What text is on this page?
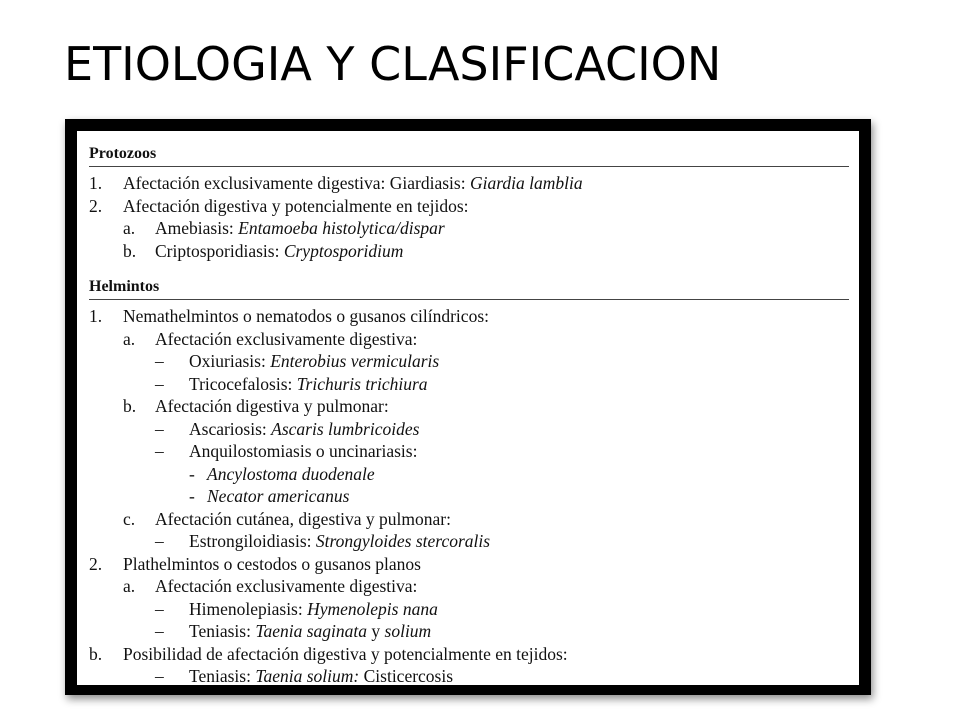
ETIOLOGIA Y CLASIFICACION
Protozoos
1. Afectación exclusivamente digestiva: Giardiasis: Giardia lamblia
2. Afectación digestiva y potencialmente en tejidos:
a. Amebiasis: Entamoeba histolytica/dispar
b. Criptosporidiasis: Cryptosporidium
Helmintos
1. Nemathelmintos o nematodos o gusanos cilíndricos:
a. Afectación exclusivamente digestiva:
– Oxiuriasis: Enterobius vermicularis
– Tricocefalosis: Trichuris trichiura
b. Afectación digestiva y pulmonar:
– Ascariosis: Ascaris lumbricoides
– Anquilostomiasis o uncinariasis:
- Ancylostoma duodenale
- Necator americanus
c. Afectación cutánea, digestiva y pulmonar:
– Estrongiloidiasis: Strongyloides stercoralis
2. Plathelmintos o cestodos o gusanos planos
a. Afectación exclusivamente digestiva:
– Himenolepiasis: Hymenolepis nana
– Teniasis: Taenia saginata y solium
b. Posibilidad de afectación digestiva y potencialmente en tejidos:
– Teniasis: Taenia solium: Cisticercosis
